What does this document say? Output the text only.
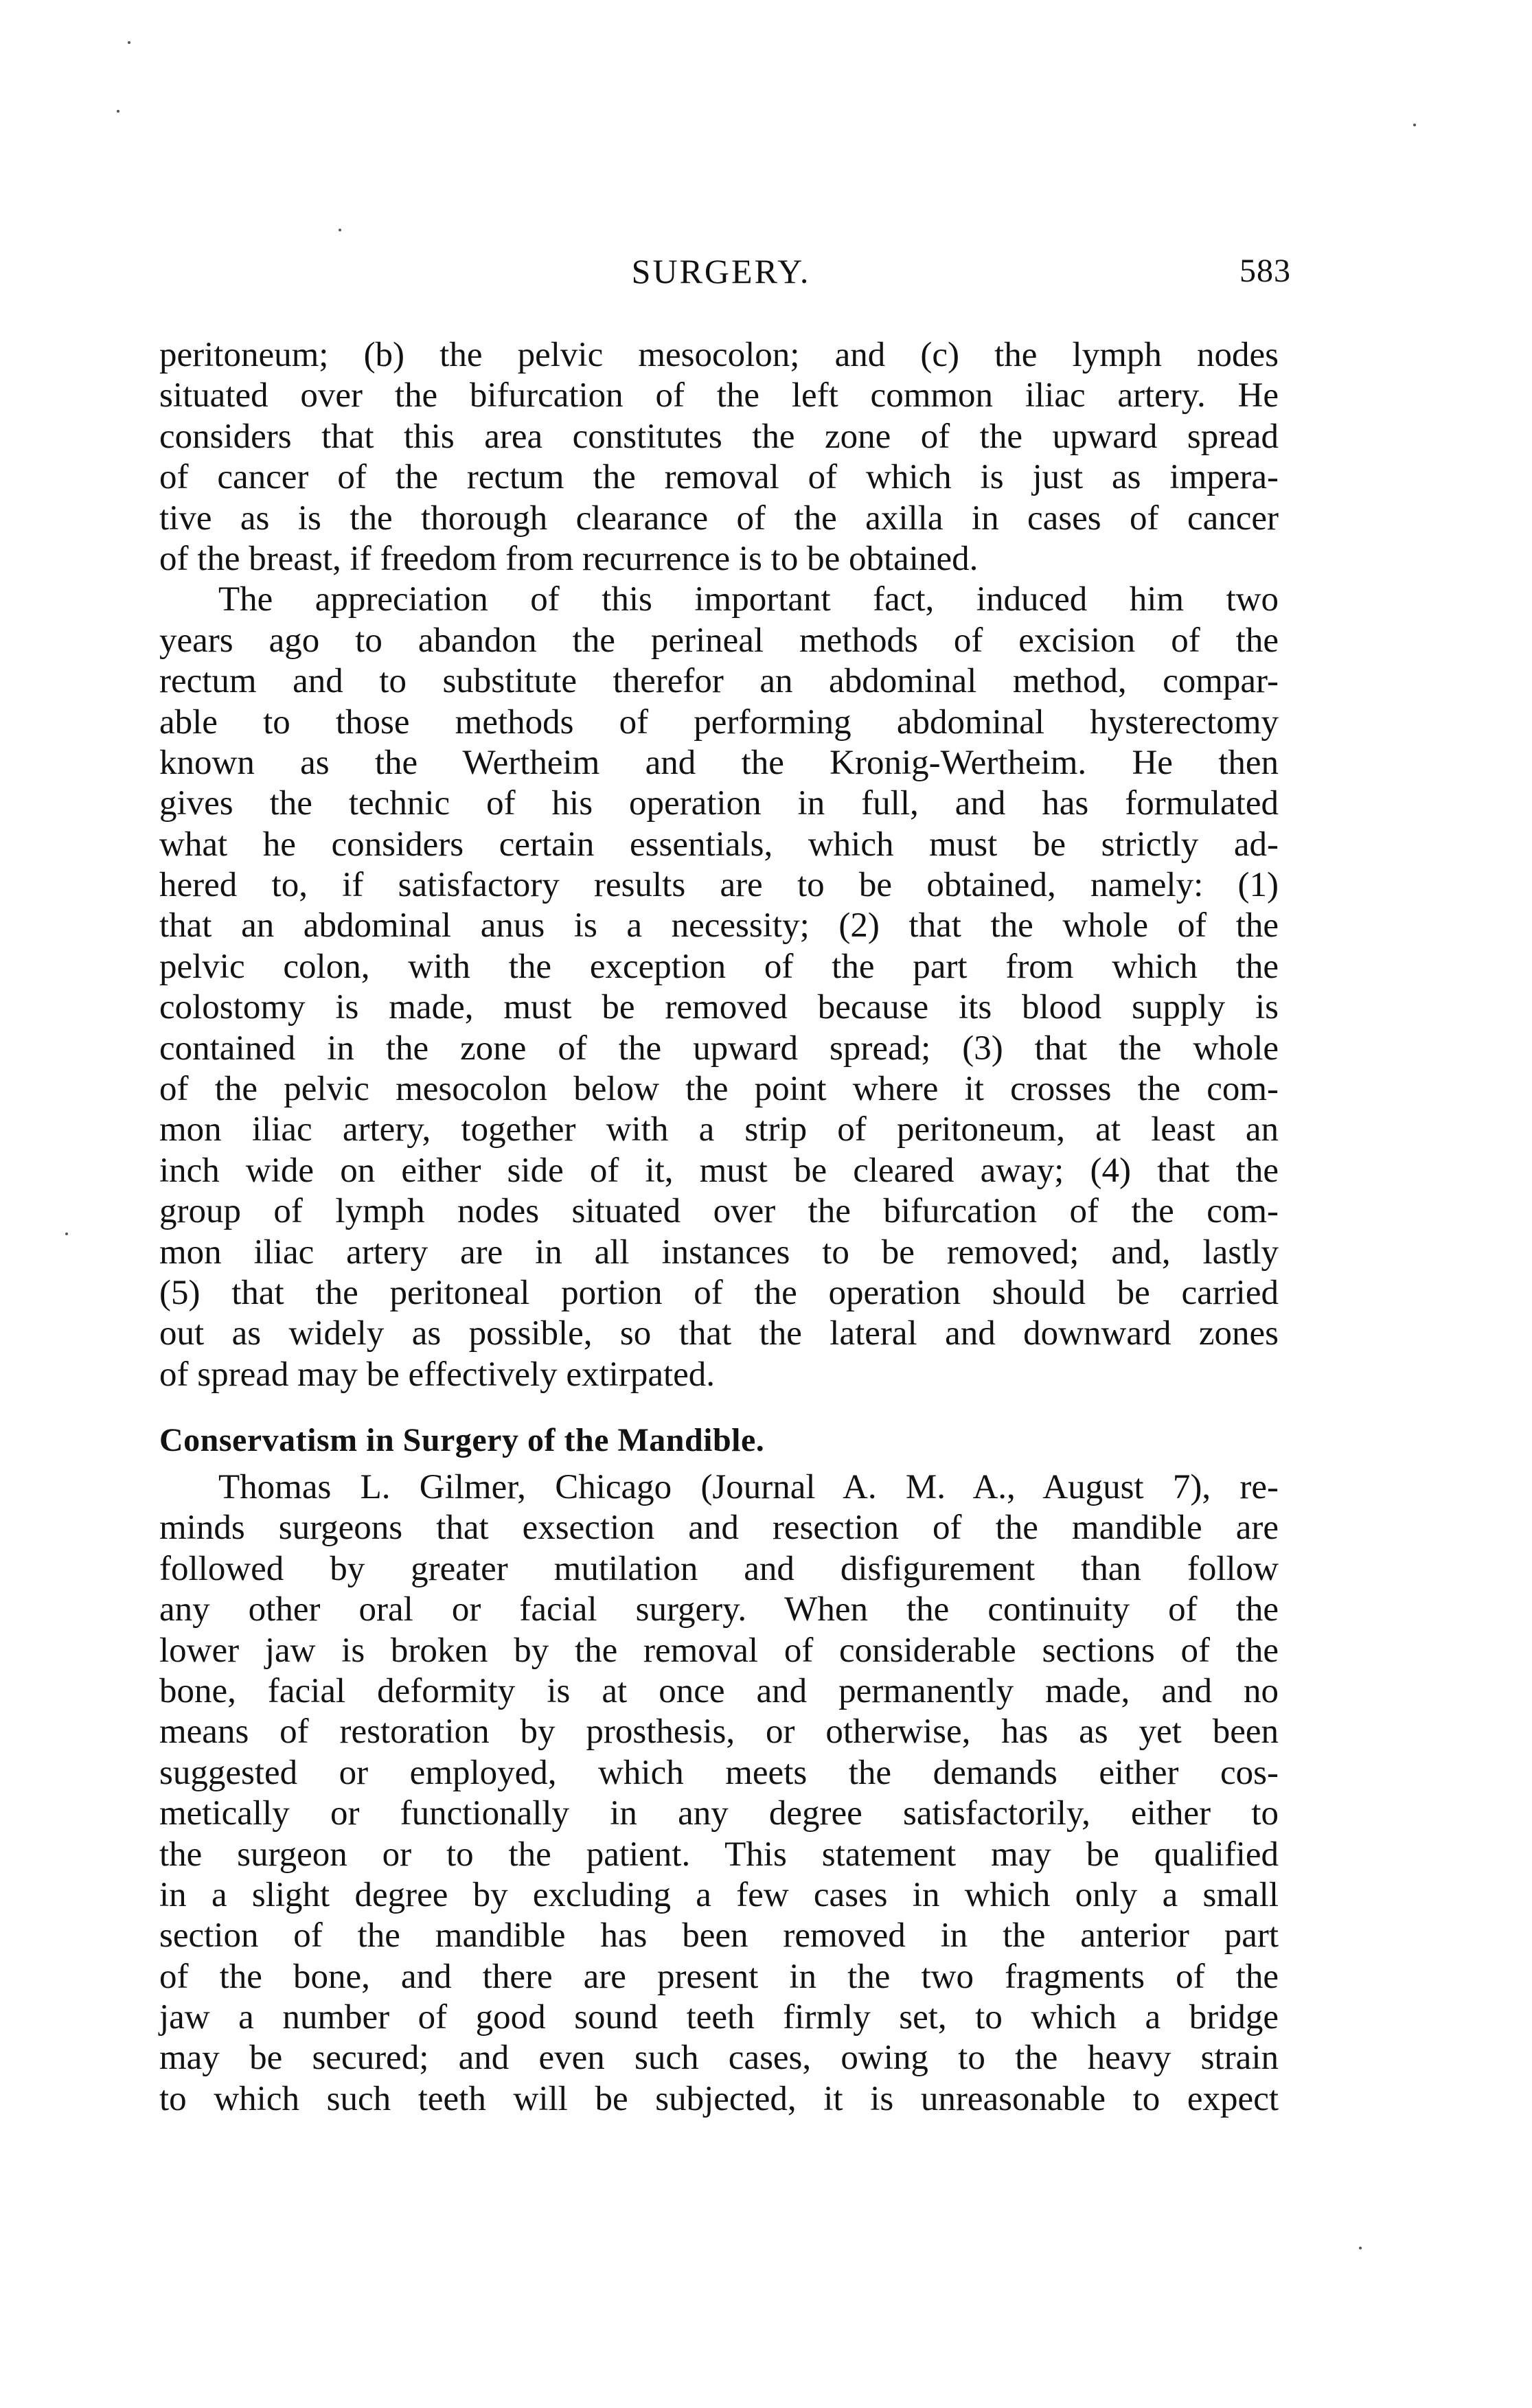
SURGERY.	583
peritoneum; (b) the pelvic mesocolon; and (c) the lymph nodes
situated over the bifurcation of the left common iliac artery. He
considers that this area constitutes the zone of the upward spread
of cancer of the rectum the removal of which is just as impera-
tive as is the thorough clearance of the axilla in cases of cancer
of the breast, if freedom from recurrence is to be obtained.
The appreciation of this important fact, induced him two
years ago to abandon the perineal methods of excision of the
rectum and to substitute therefor an abdominal method, compar-
able to those methods of performing abdominal hysterectomy
known as the Wertheim and the Kronig-Wertheim. He then
gives the technic of his operation in full, and has formulated
what he considers certain essentials, which must be strictly ad-
hered to, if satisfactory results are to be obtained, namely: (1)
that an abdominal anus is a necessity; (2) that the whole of the
pelvic colon, with the exception of the part from which the
colostomy is made, must be removed because its blood supply is
contained in the zone of the upward spread; (3) that the whole
of the pelvic mesocolon below the point where it crosses the com-
mon iliac artery, together with a strip of peritoneum, at least an
inch wide on either side of it, must be cleared away; (4) that the
group of lymph nodes situated over the bifurcation of the com-
mon iliac artery are in all instances to be removed; and, lastly
(5) that the peritoneal portion of the operation should be carried
out as widely as possible, so that the lateral and downward zones
of spread may be effectively extirpated.
Conservatism in Surgery of the Mandible.
Thomas L. Gilmer, Chicago (Journal A. M. A., August 7), re-
minds surgeons that exsection and resection of the mandible are
followed by greater mutilation and disfigurement than follow
any other oral or facial surgery. When the continuity of the
lower jaw is broken by the removal of considerable sections of the
bone, facial deformity is at once and permanently made, and no
means of restoration by prosthesis, or otherwise, has as yet been
suggested or employed, which meets the demands either cos-
metically or functionally in any degree satisfactorily, either to
the surgeon or to the patient. This statement may be qualified
in a slight degree by excluding a few cases in which only a small
section of the mandible has been removed in the anterior part
of the bone, and there are present in the two fragments of the
jaw a number of good sound teeth firmly set, to which a bridge
may be secured; and even such cases, owing to the heavy strain
to which such teeth will be subjected, it is unreasonable to expect
